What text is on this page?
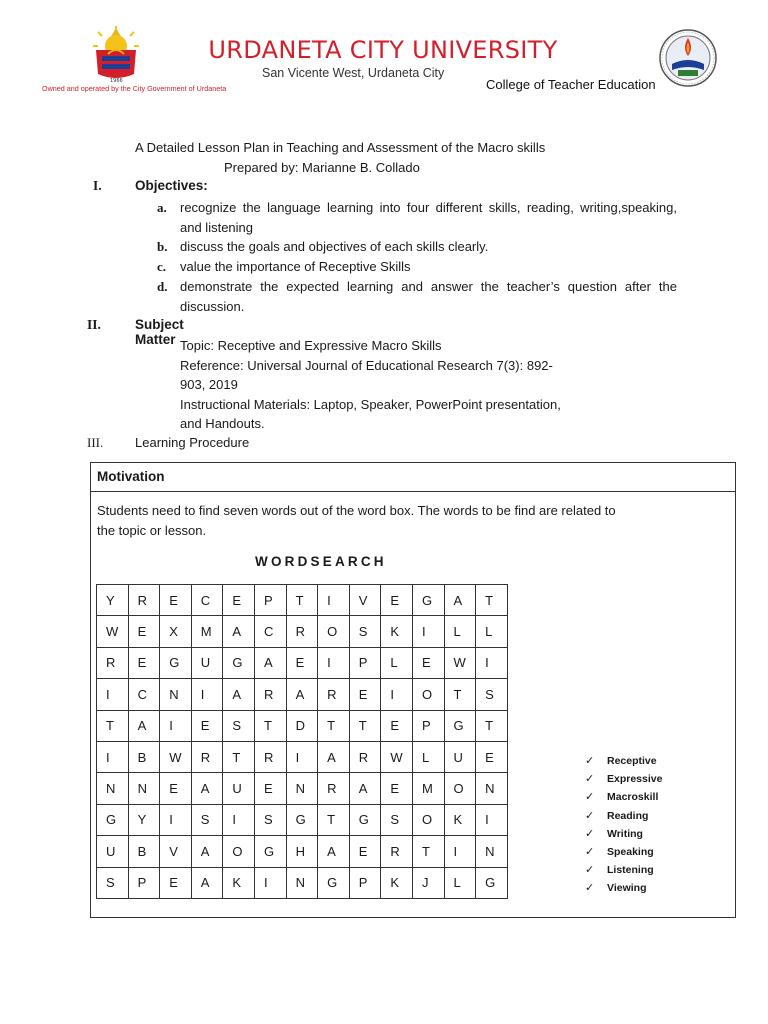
1966
URDANETA CITY UNIVERSITY
San Vicente West, Urdaneta City
College of Teacher Education
Owned and operated by the City Government of Urdaneta
A Detailed Lesson Plan in Teaching and Assessment of the Macro skills
Prepared by: Marianne B. Collado
I.	Objectives:
a. recognize the language learning into four different skills, reading, writing,speaking, and listening
b. discuss the goals and objectives of each skills clearly.
c. value the importance of Receptive Skills
d. demonstrate the expected learning and answer the teacher’s question after the discussion.
II.	Subject Matter Topic: Receptive and Expressive Macro Skills
Reference: Universal Journal of Educational Research 7(3): 892-
903, 2019
Instructional Materials: Laptop, Speaker, PowerPoint presentation,
and Handouts.
III. Learning Procedure
Motivation
Students need to find seven words out of the word box. The words to be find are related to the topic or lesson.
WORDSEARCH
Y	R	E	C	E	P	T	I	V	E	G	A	T
W	E	X	M	A	C	R	O	S	K	I	L	L
R	E	G	U	G	A	E	I	P	L	E	W	I
I	C	N	I	A	R	A	R	E	I	O	T	S
T	A	I	E	S	T	D	T	T	E	P	G	T
I	B	W	R	T	R	I	A	R	W	L	U	E
N	N	E	A	U	E	N	R	A	E	M	O	N
G	Y	I	S	I	S	G	T	G	S	O	K	I
U	B	V	A	O	G	H	A	E	R	T	I	N
S	P	E	A	K	I	N	G	P	K	J	L	G
✓ Receptive
✓ Expressive
✓ Macroskill
✓ Reading
✓ Writing
✓ Speaking
✓ Listening
✓ Viewing
